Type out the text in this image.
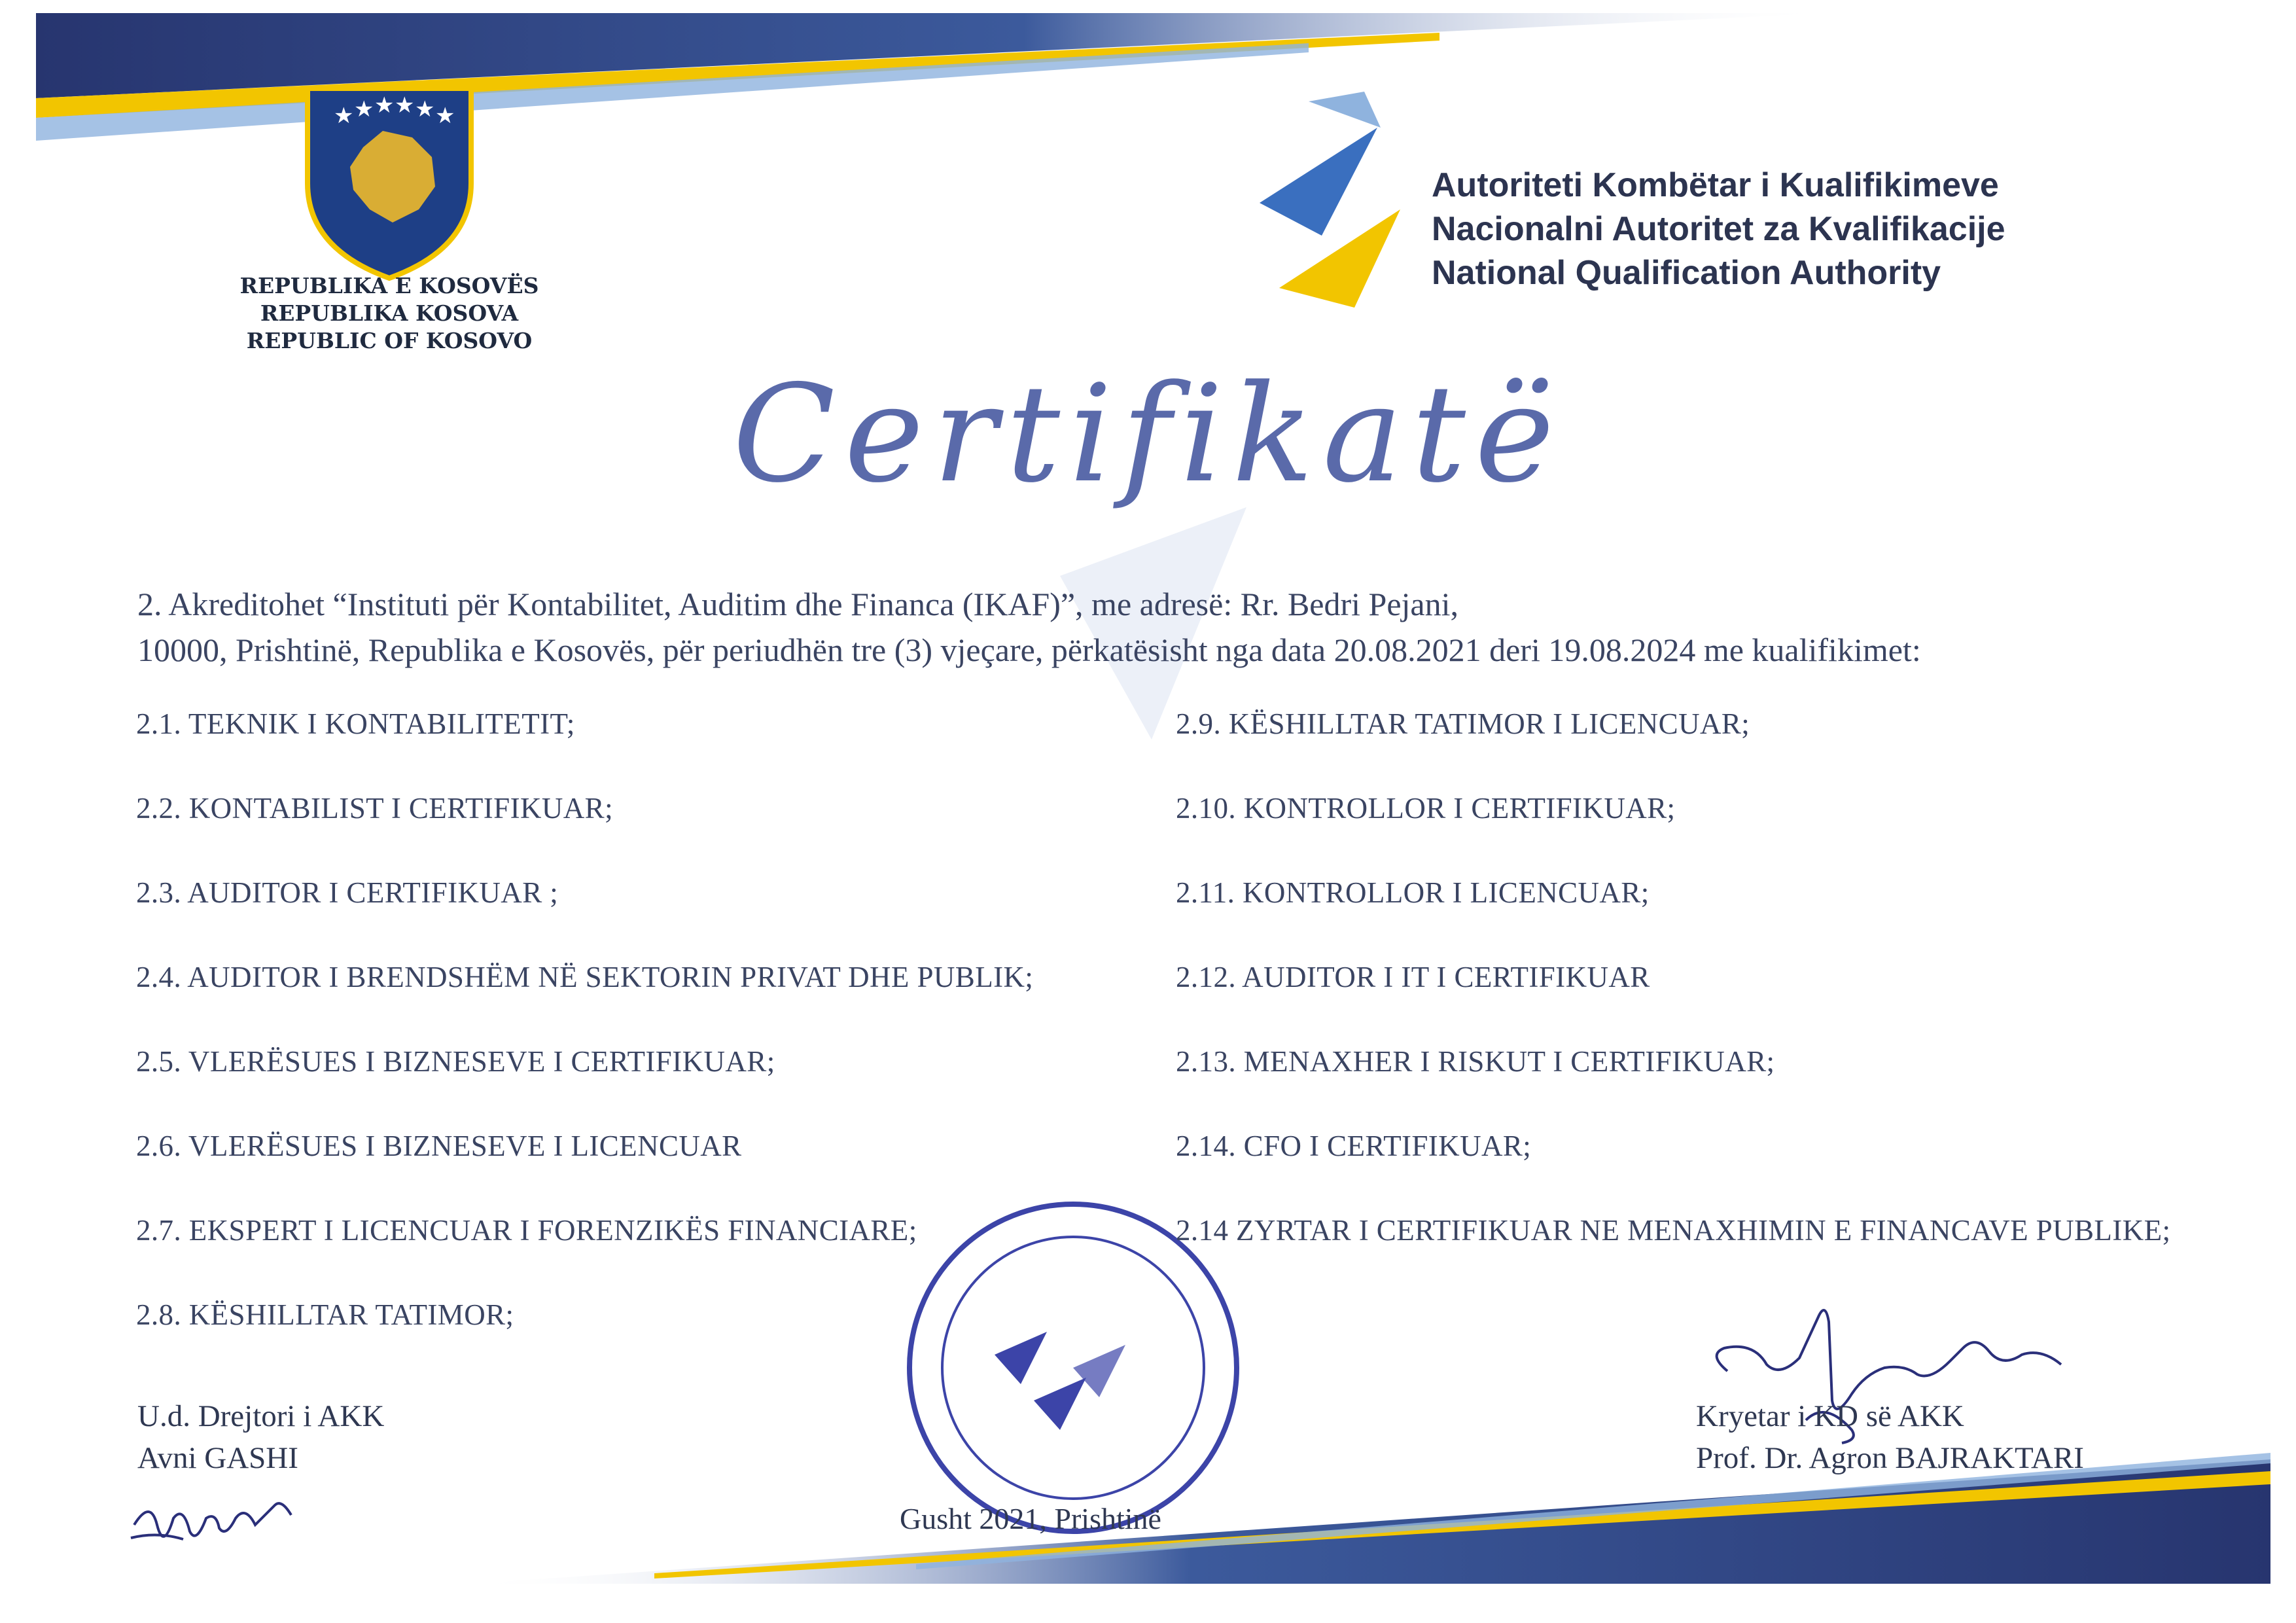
★ ★ ★ ★ ★ ★
REPUBLIKA E KOSOVËS
REPUBLIKA KOSOVA
REPUBLIC OF KOSOVO
Autoriteti Kombëtar i Kualifikimeve
Nacionalni Autoritet za Kvalifikacije
National Qualification Authority
Certifikatë
2. Akreditohet “Instituti për Kontabilitet, Auditim dhe Financa (IKAF)”, me adresë: Rr. Bedri Pejani,
10000, Prishtinë, Republika e Kosovës, për periudhën tre (3) vjeçare, përkatësisht nga data 20.08.2021 deri 19.08.2024 me kualifikimet:
2.1. TEKNIK I KONTABILITETIT;
2.2. KONTABILIST I CERTIFIKUAR;
2.3. AUDITOR I CERTIFIKUAR ;
2.4. AUDITOR I BRENDSHËM NË SEKTORIN PRIVAT DHE PUBLIK;
2.5. VLERËSUES I BIZNESEVE I CERTIFIKUAR;
2.6. VLERËSUES I BIZNESEVE I LICENCUAR
2.7. EKSPERT I LICENCUAR I FORENZIKËS FINANCIARE;
2.8. KËSHILLTAR TATIMOR;
2.9. KËSHILLTAR TATIMOR I LICENCUAR;
2.10. KONTROLLOR I CERTIFIKUAR;
2.11. KONTROLLOR I LICENCUAR;
2.12. AUDITOR I IT I CERTIFIKUAR
2.13. MENAXHER I RISKUT I CERTIFIKUAR;
2.14. CFO I CERTIFIKUAR;
2.14 ZYRTAR I CERTIFIKUAR NE MENAXHIMIN E FINANCAVE PUBLIKE;
U.d. Drejtori i AKK
Avni GASHI
Kryetar i KD së AKK
Prof. Dr. Agron BAJRAKTARI
Gusht 2021, Prishtinë
